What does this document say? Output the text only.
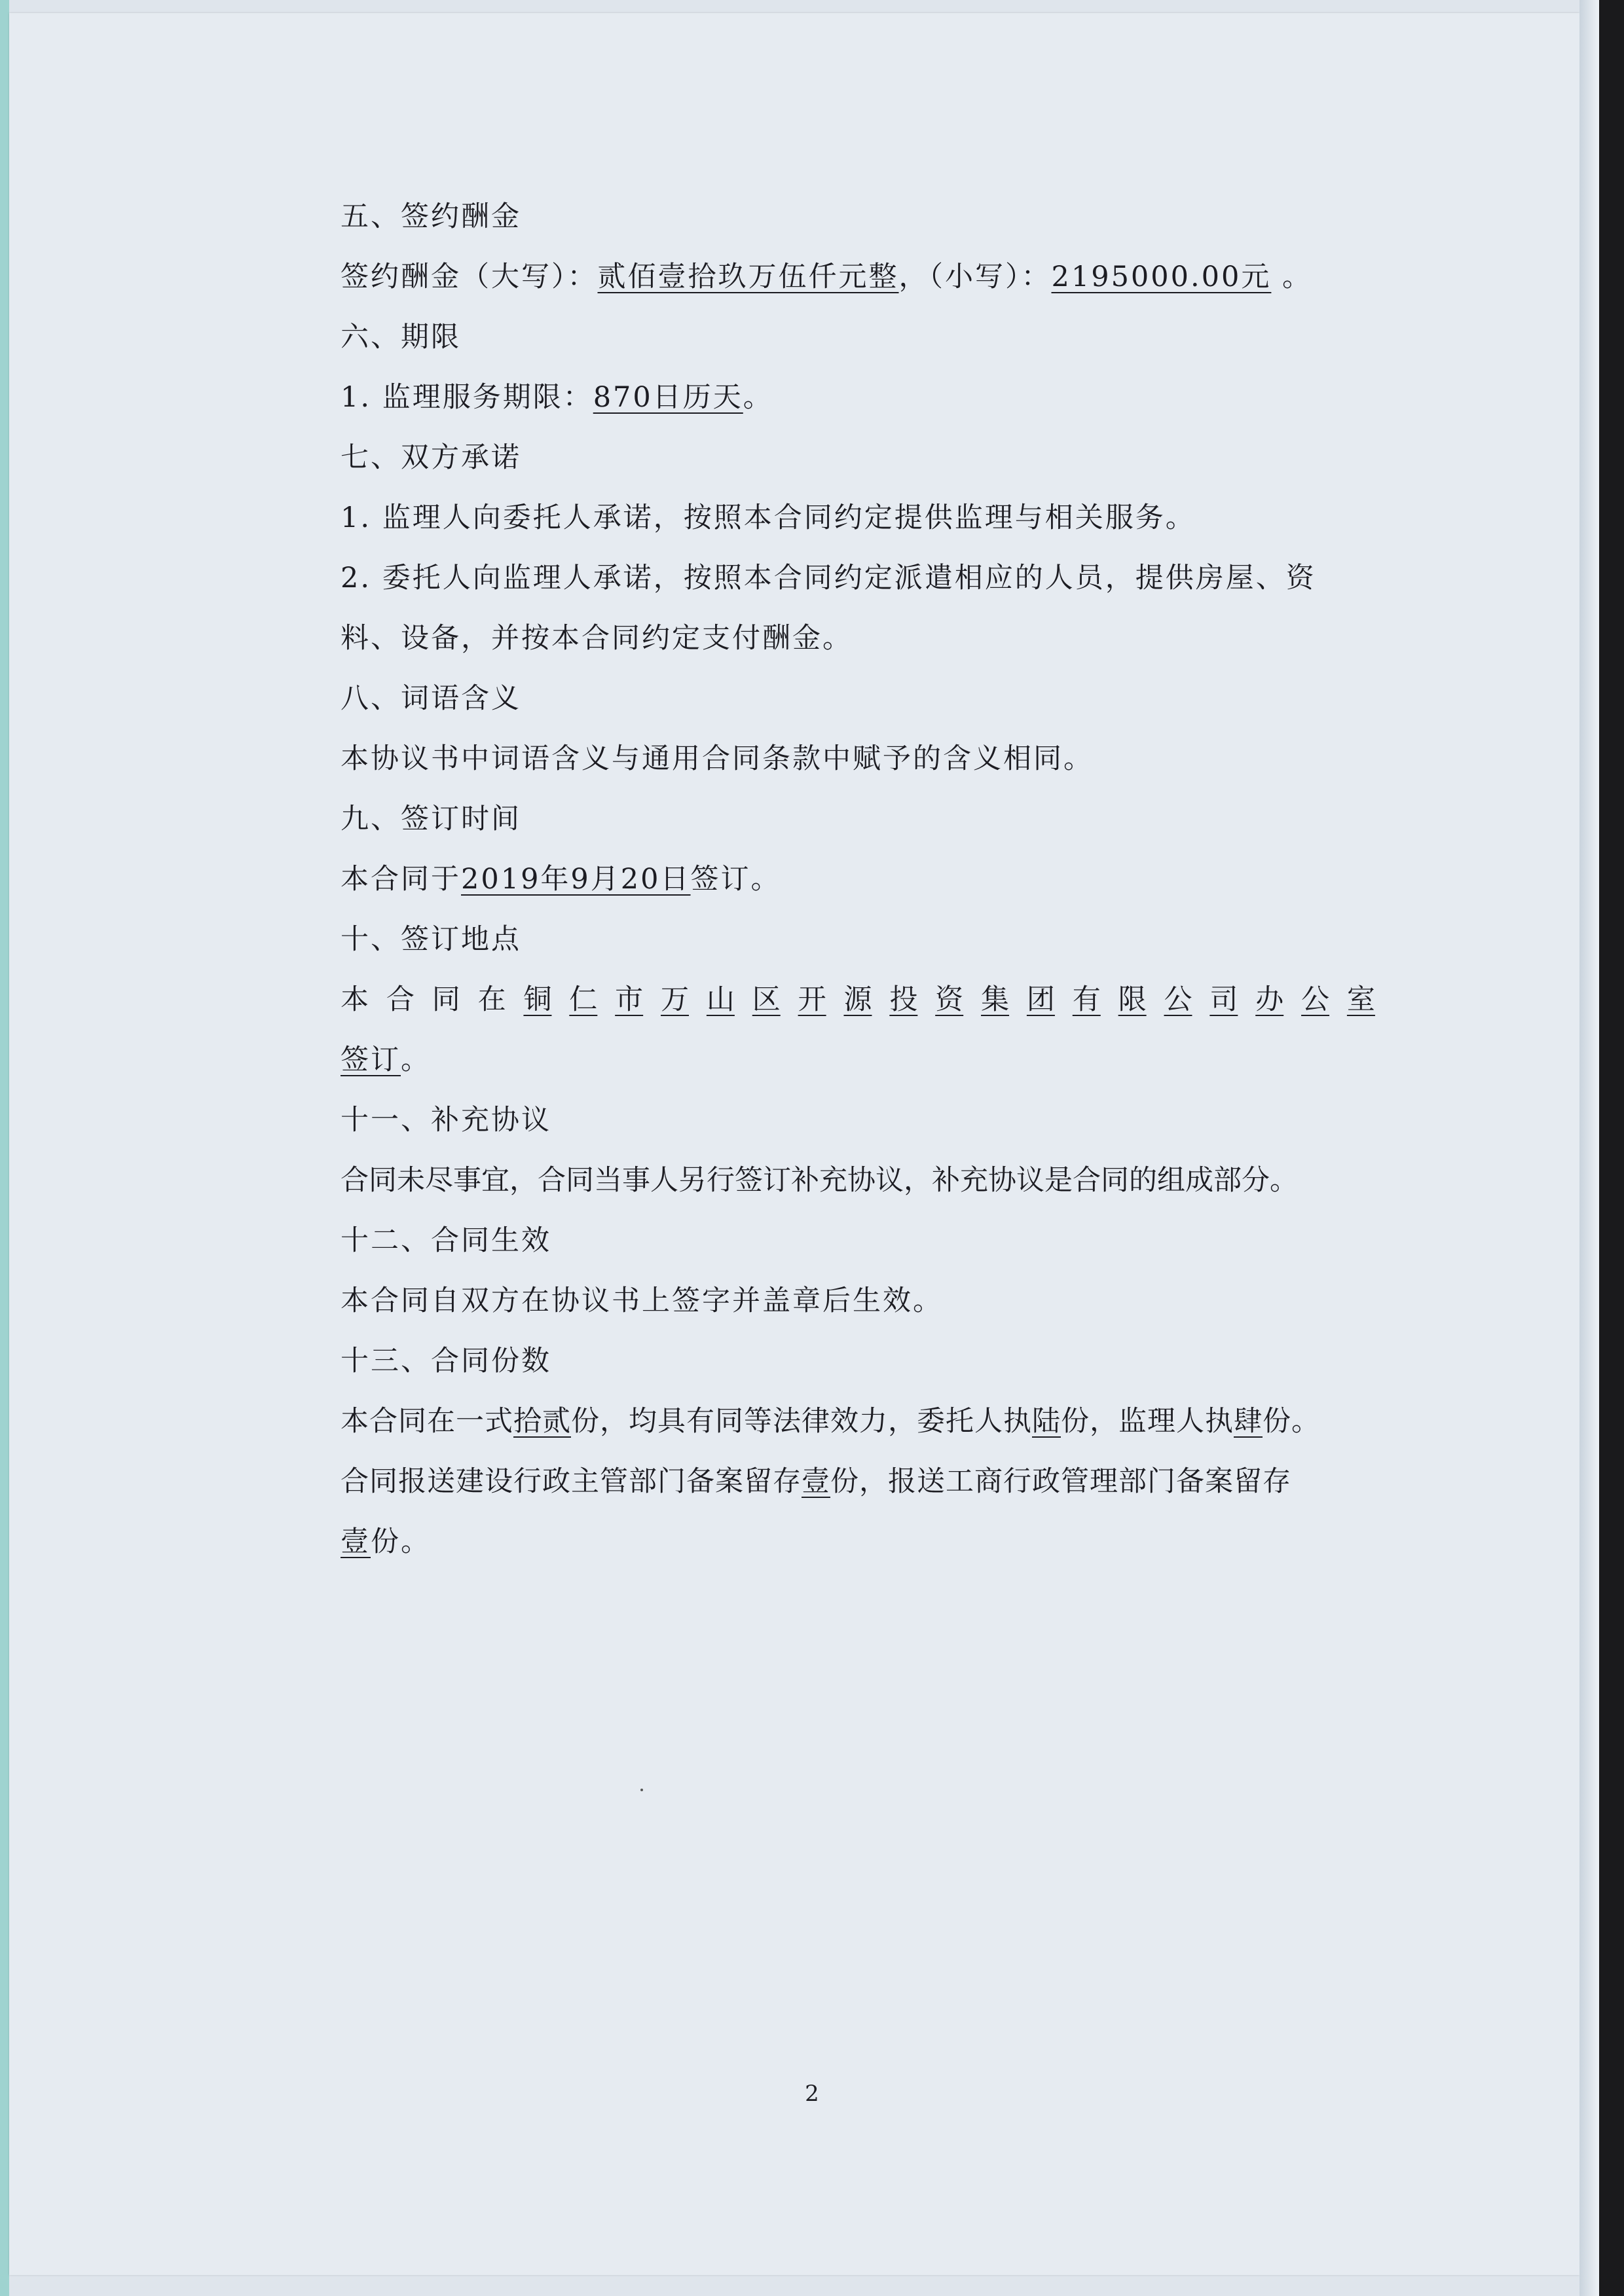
五、签约酬金
签约酬金（大写）：贰佰壹拾玖万伍仟元整，（小写）：2195000.00元 。
六、期限
1. 监理服务期限：870日历天。
七、双方承诺
1. 监理人向委托人承诺，按照本合同约定提供监理与相关服务。
2. 委托人向监理人承诺，按照本合同约定派遣相应的人员，提供房屋、资
料、设备，并按本合同约定支付酬金。
八、词语含义
本协议书中词语含义与通用合同条款中赋予的含义相同。
九、签订时间
本合同于2019年9月20日签订。
十、签订地点
本 合 同 在 铜 仁 市 万 山 区 开 源 投 资 集 团 有 限 公 司 办 公 室
签订。
十一、补充协议
合同未尽事宜，合同当事人另行签订补充协议，补充协议是合同的组成部分。
十二、合同生效
本合同自双方在协议书上签字并盖章后生效。
十三、合同份数
本合同在一式拾贰份，均具有同等法律效力，委托人执陆份，监理人执肆份。
合同报送建设行政主管部门备案留存壹份，报送工商行政管理部门备案留存
壹份。
2
